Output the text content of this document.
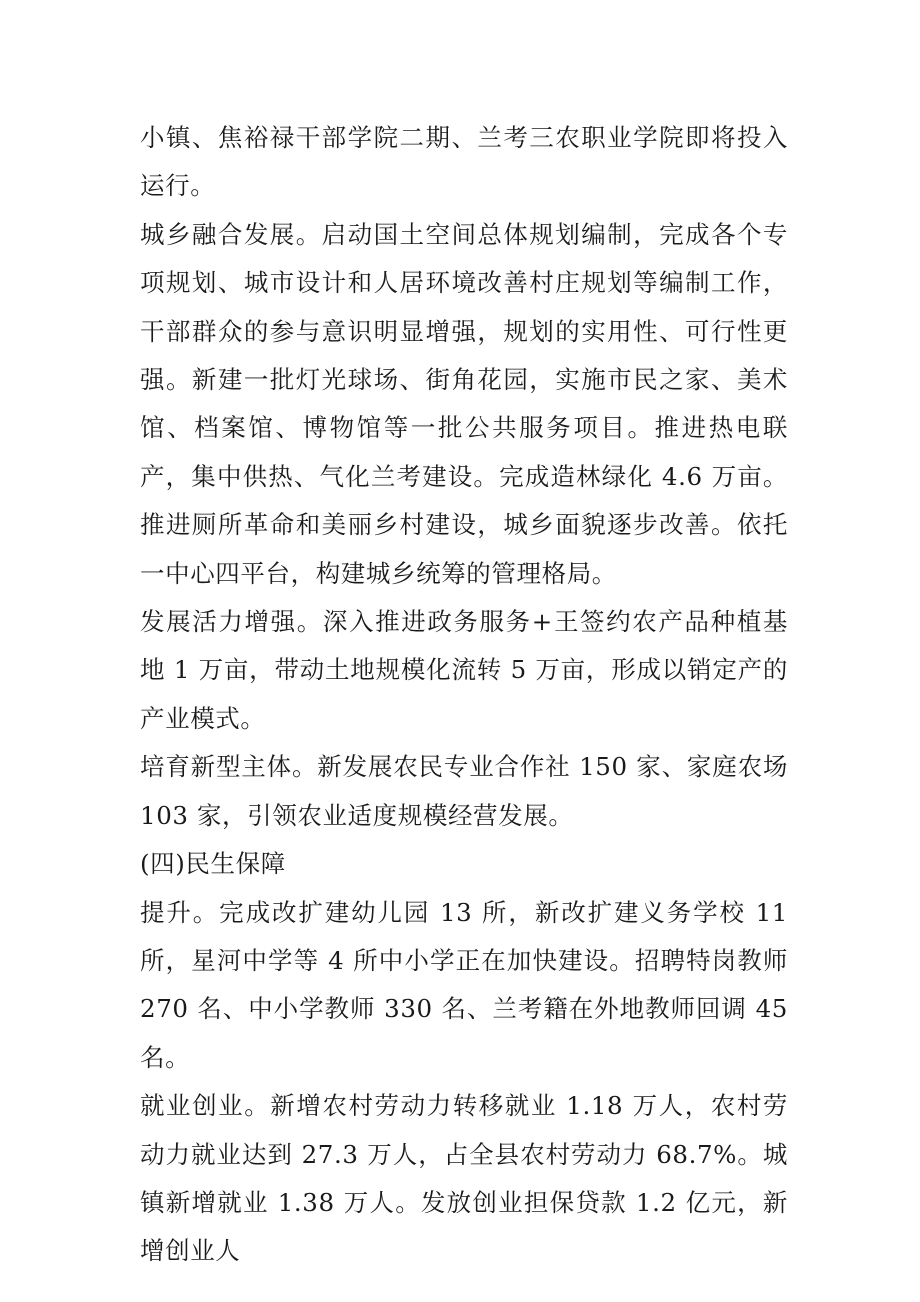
小镇、焦裕禄干部学院二期、兰考三农职业学院即将投入运行。

城乡融合发展。启动国土空间总体规划编制，完成各个专项规划、城市设计和人居环境改善村庄规划等编制工作，干部群众的参与意识明显增强，规划的实用性、可行性更强。新建一批灯光球场、街角花园，实施市民之家、美术馆、档案馆、博物馆等一批公共服务项目。推进热电联产，集中供热、气化兰考建设。完成造林绿化 4.6 万亩。推进厕所革命和美丽乡村建设，城乡面貌逐步改善。依托一中心四平台，构建城乡统筹的管理格局。

发展活力增强。深入推进政务服务+王签约农产品种植基地 1 万亩，带动土地规模化流转 5 万亩，形成以销定产的产业模式。

培育新型主体。新发展农民专业合作社 150 家、家庭农场 103 家，引领农业适度规模经营发展。

(四)民生保障

提升。完成改扩建幼儿园 13 所，新改扩建义务学校 11 所，星河中学等 4 所中小学正在加快建设。招聘特岗教师 270 名、中小学教师 330 名、兰考籍在外地教师回调 45 名。

就业创业。新增农村劳动力转移就业 1.18 万人，农村劳动力就业达到 27.3 万人，占全县农村劳动力 68.7%。城镇新增就业 1.38 万人。发放创业担保贷款 1.2 亿元，新增创业人
